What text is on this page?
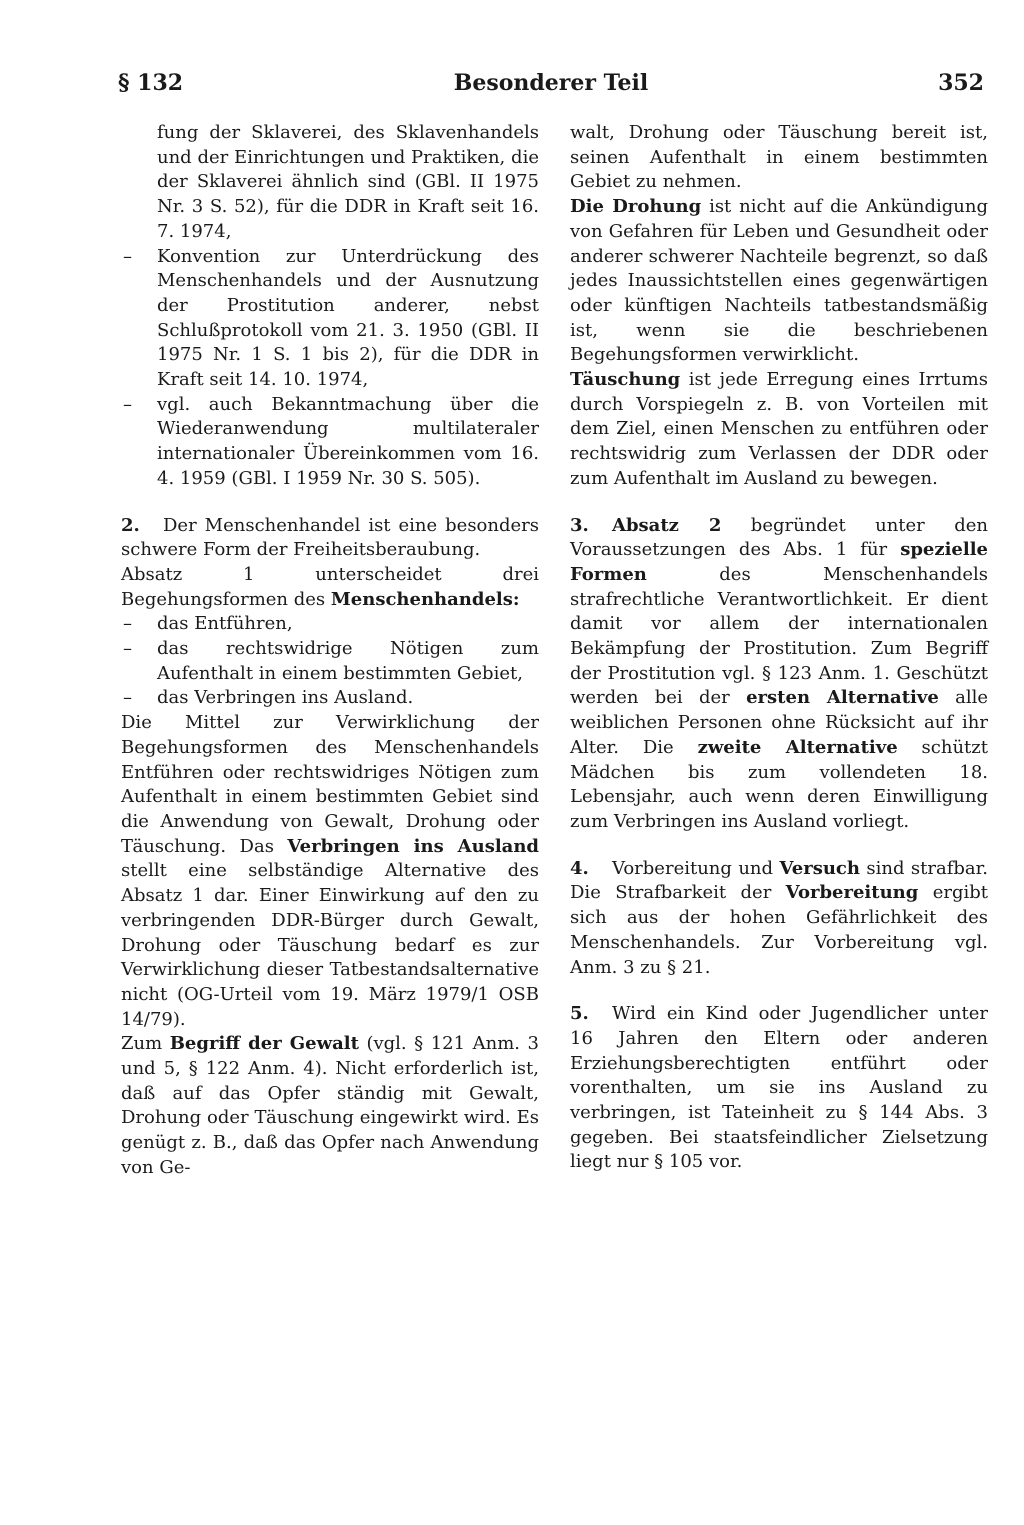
§ 132	Besonderer Teil	352

fung der Sklaverei, des Sklavenhandels und der Einrichtungen und Praktiken, die der Sklaverei ähnlich sind (GBl. II 1975 Nr. 3 S. 52), für die DDR in Kraft seit 16. 7. 1974,

– Konvention zur Unterdrückung des Menschenhandels und der Ausnutzung der Prostitution anderer, nebst Schlußprotokoll vom 21. 3. 1950 (GBl. II 1975 Nr. 1 S. 1 bis 2), für die DDR in Kraft seit 14. 10. 1974,

– vgl. auch Bekanntmachung über die Wiederanwendung multilateraler internationaler Übereinkommen vom 16. 4. 1959 (GBl. I 1959 Nr. 30 S. 505).

2. Der Menschenhandel ist eine besonders schwere Form der Freiheitsberaubung.

Absatz 1 unterscheidet drei Begehungsformen des Menschenhandels:

– das Entführen,

– das rechtswidrige Nötigen zum Aufenthalt in einem bestimmten Gebiet,

– das Verbringen ins Ausland.

Die Mittel zur Verwirklichung der Begehungsformen des Menschenhandels Entführen oder rechtswidriges Nötigen zum Aufenthalt in einem bestimmten Gebiet sind die Anwendung von Gewalt, Drohung oder Täuschung. Das Verbringen ins Ausland stellt eine selbständige Alternative des Absatz 1 dar. Einer Einwirkung auf den zu verbringenden DDR-Bürger durch Gewalt, Drohung oder Täuschung bedarf es zur Verwirklichung dieser Tatbestandsalternative nicht (OG-Urteil vom 19. März 1979/1 OSB 14/79).

Zum Begriff der Gewalt (vgl. § 121 Anm. 3 und 5, § 122 Anm. 4). Nicht erforderlich ist, daß auf das Opfer ständig mit Gewalt, Drohung oder Täuschung eingewirkt wird. Es genügt z. B., daß das Opfer nach Anwendung von Ge-

walt, Drohung oder Täuschung bereit ist, seinen Aufenthalt in einem bestimmten Gebiet zu nehmen.

Die Drohung ist nicht auf die Ankündigung von Gefahren für Leben und Gesundheit oder anderer schwerer Nachteile begrenzt, so daß jedes Inaussichtstellen eines gegenwärtigen oder künftigen Nachteils tatbestandsmäßig ist, wenn sie die beschriebenen Begehungsformen verwirklicht.

Täuschung ist jede Erregung eines Irrtums durch Vorspiegeln z. B. von Vorteilen mit dem Ziel, einen Menschen zu entführen oder rechtswidrig zum Verlassen der DDR oder zum Aufenthalt im Ausland zu bewegen.

3. Absatz 2 begründet unter den Voraussetzungen des Abs. 1 für spezielle Formen des Menschenhandels strafrechtliche Verantwortlichkeit. Er dient damit vor allem der internationalen Bekämpfung der Prostitution. Zum Begriff der Prostitution vgl. § 123 Anm. 1. Geschützt werden bei der ersten Alternative alle weiblichen Personen ohne Rücksicht auf ihr Alter. Die zweite Alternative schützt Mädchen bis zum vollendeten 18. Lebensjahr, auch wenn deren Einwilligung zum Verbringen ins Ausland vorliegt.

4. Vorbereitung und Versuch sind strafbar. Die Strafbarkeit der Vorbereitung ergibt sich aus der hohen Gefährlichkeit des Menschenhandels. Zur Vorbereitung vgl. Anm. 3 zu § 21.

5. Wird ein Kind oder Jugendlicher unter 16 Jahren den Eltern oder anderen Erziehungsberechtigten entführt oder vorenthalten, um sie ins Ausland zu verbringen, ist Tateinheit zu § 144 Abs. 3 gegeben. Bei staatsfeindlicher Zielsetzung liegt nur § 105 vor.
